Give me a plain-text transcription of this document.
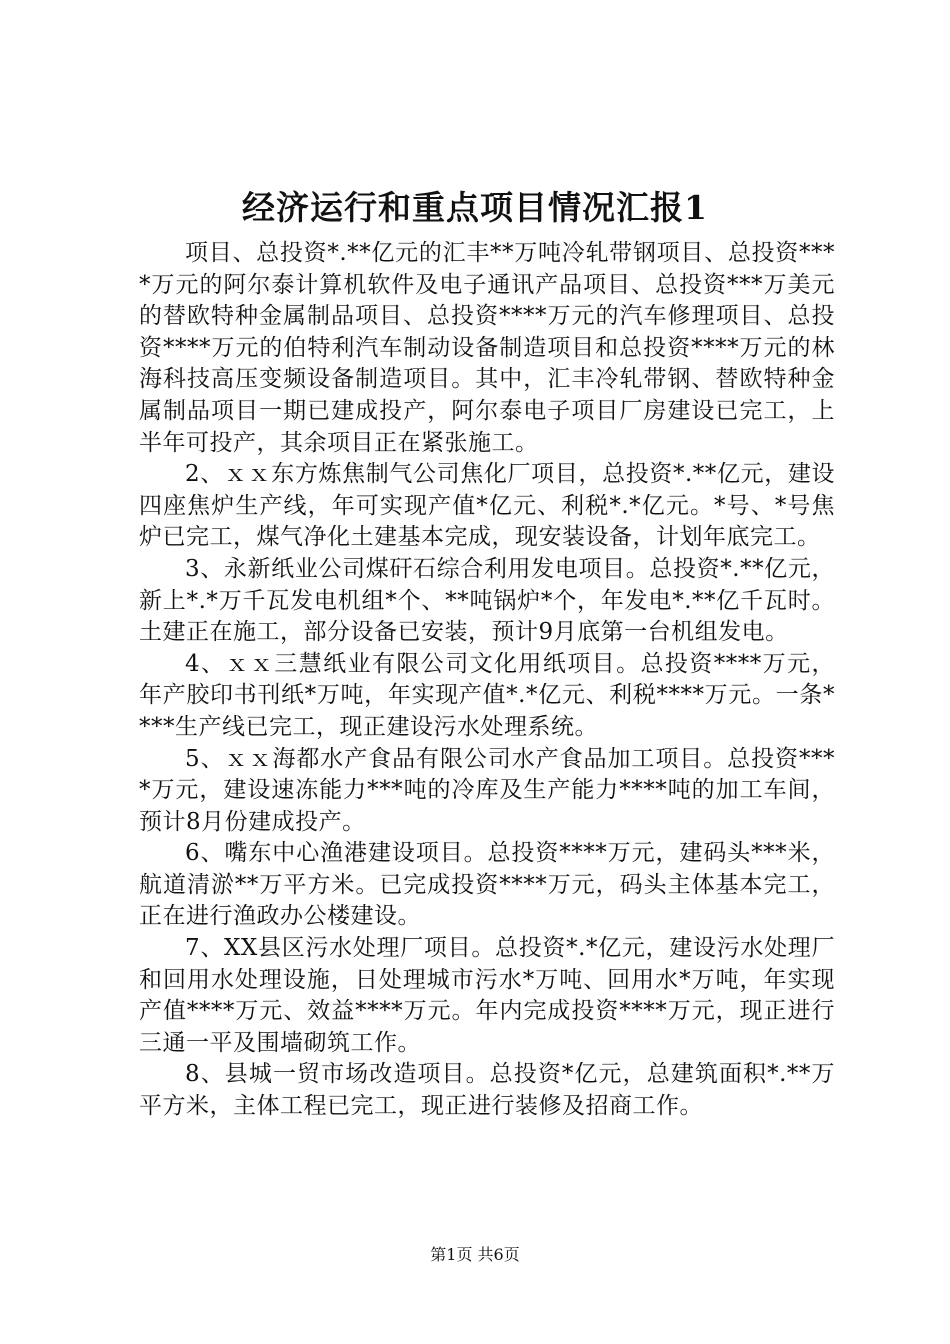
经济运行和重点项目情况汇报1

项目、总投资*.**亿元的汇丰**万吨冷轧带钢项目、总投资****万元的阿尔泰计算机软件及电子通讯产品项目、总投资***万美元的替欧特种金属制品项目、总投资****万元的汽车修理项目、总投资****万元的伯特利汽车制动设备制造项目和总投资****万元的林海科技高压变频设备制造项目。其中，汇丰冷轧带钢、替欧特种金属制品项目一期已建成投产，阿尔泰电子项目厂房建设已完工，上半年可投产，其余项目正在紧张施工。

2、ｘｘ东方炼焦制气公司焦化厂项目，总投资*.**亿元，建设四座焦炉生产线，年可实现产值*亿元、利税*.*亿元。*号、*号焦炉已完工，煤气净化土建基本完成，现安装设备，计划年底完工。

3、永新纸业公司煤矸石综合利用发电项目。总投资*.**亿元，新上*.*万千瓦发电机组*个、**吨锅炉*个，年发电*.**亿千瓦时。土建正在施工，部分设备已安装，预计9月底第一台机组发电。

4、ｘｘ三慧纸业有限公司文化用纸项目。总投资****万元，年产胶印书刊纸*万吨，年实现产值*.*亿元、利税****万元。一条****生产线已完工，现正建设污水处理系统。

5、ｘｘ海都水产食品有限公司水产食品加工项目。总投资****万元，建设速冻能力***吨的冷库及生产能力****吨的加工车间，预计8月份建成投产。

6、嘴东中心渔港建设项目。总投资****万元，建码头***米，航道清淤**万平方米。已完成投资****万元，码头主体基本完工，正在进行渔政办公楼建设。

7、XX县区污水处理厂项目。总投资*.*亿元，建设污水处理厂和回用水处理设施，日处理城市污水*万吨、回用水*万吨，年实现产值****万元、效益****万元。年内完成投资****万元，现正进行三通一平及围墙砌筑工作。

8、县城一贸市场改造项目。总投资*亿元，总建筑面积*.**万平方米，主体工程已完工，现正进行装修及招商工作。

第1页 共6页
